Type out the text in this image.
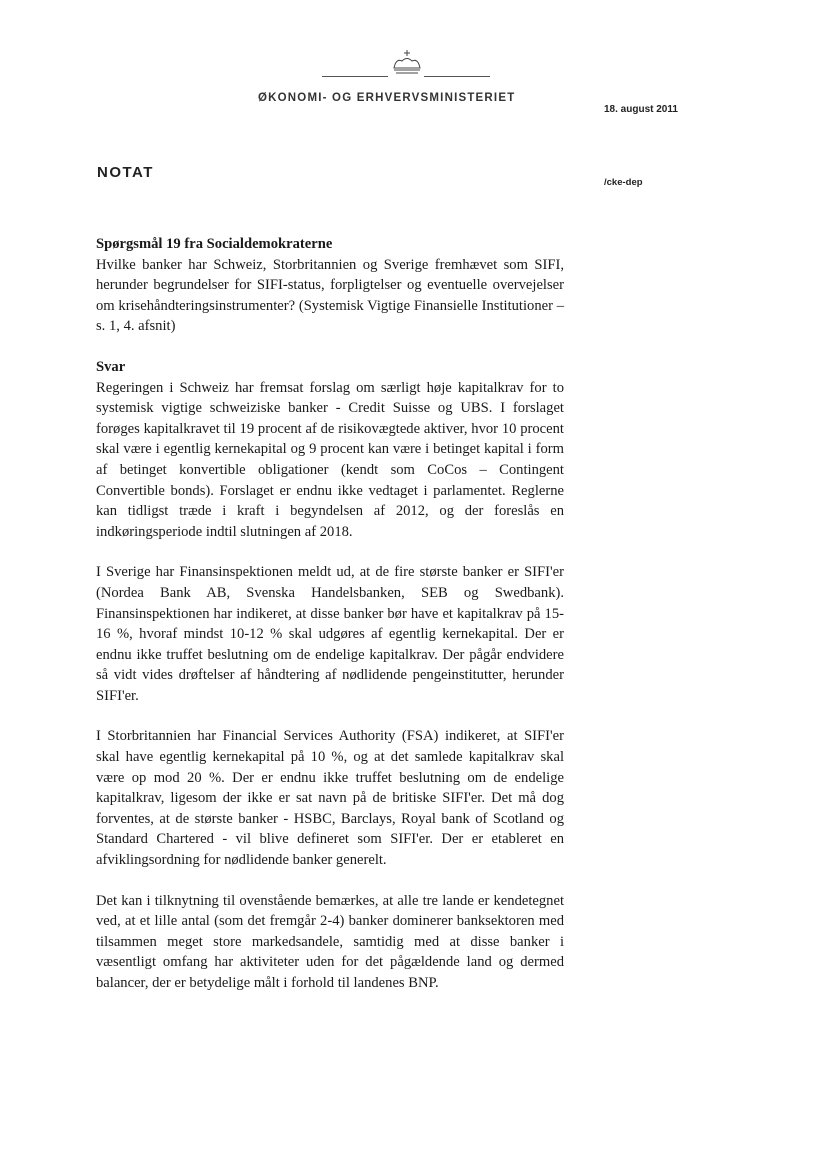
ØKONOMI- OG ERHVERVSMINISTERIET
18. august 2011
NOTAT
/cke-dep
Spørgsmål 19 fra Socialdemokraterne

Hvilke banker har Schweiz, Storbritannien og Sverige fremhævet som SIFI, herunder begrundelser for SIFI-status, forpligtelser og eventuelle overvejelser om krisehåndteringsinstrumenter? (Systemisk Vigtige Finansielle Institutioner – s. 1, 4. afsnit)

Svar

Regeringen i Schweiz har fremsat forslag om særligt høje kapitalkrav for to systemisk vigtige schweiziske banker - Credit Suisse og UBS. I forslaget forøges kapitalkravet til 19 procent af de risikovægtede aktiver, hvor 10 procent skal være i egentlig kernekapital og 9 procent kan være i betinget kapital i form af betinget konvertible obligationer (kendt som CoCos – Contingent Convertible bonds). Forslaget er endnu ikke vedtaget i parlamentet. Reglerne kan tidligst træde i kraft i begyndelsen af 2012, og der foreslås en indkøringsperiode indtil slutningen af 2018.

I Sverige har Finansinspektionen meldt ud, at de fire største banker er SIFI'er (Nordea Bank AB, Svenska Handelsbanken, SEB og Swedbank). Finansinspektionen har indikeret, at disse banker bør have et kapitalkrav på 15-16 %, hvoraf mindst 10-12 % skal udgøres af egentlig kernekapital. Der er endnu ikke truffet beslutning om de endelige kapitalkrav. Der pågår endvidere så vidt vides drøftelser af håndtering af nødlidende pengeinstitutter, herunder SIFI'er.

I Storbritannien har Financial Services Authority (FSA) indikeret, at SIFI'er skal have egentlig kernekapital på 10 %, og at det samlede kapitalkrav skal være op mod 20 %. Der er endnu ikke truffet beslutning om de endelige kapitalkrav, ligesom der ikke er sat navn på de britiske SIFI'er. Det må dog forventes, at de største banker - HSBC, Barclays, Royal bank of Scotland og Standard Chartered - vil blive defineret som SIFI'er. Der er etableret en afviklingsordning for nødlidende banker generelt.

Det kan i tilknytning til ovenstående bemærkes, at alle tre lande er kendetegnet ved, at et lille antal (som det fremgår 2-4) banker dominerer banksektoren med tilsammen meget store markedsandele, samtidig med at disse banker i væsentligt omfang har aktiviteter uden for det pågældende land og dermed balancer, der er betydelige målt i forhold til landenes BNP.
